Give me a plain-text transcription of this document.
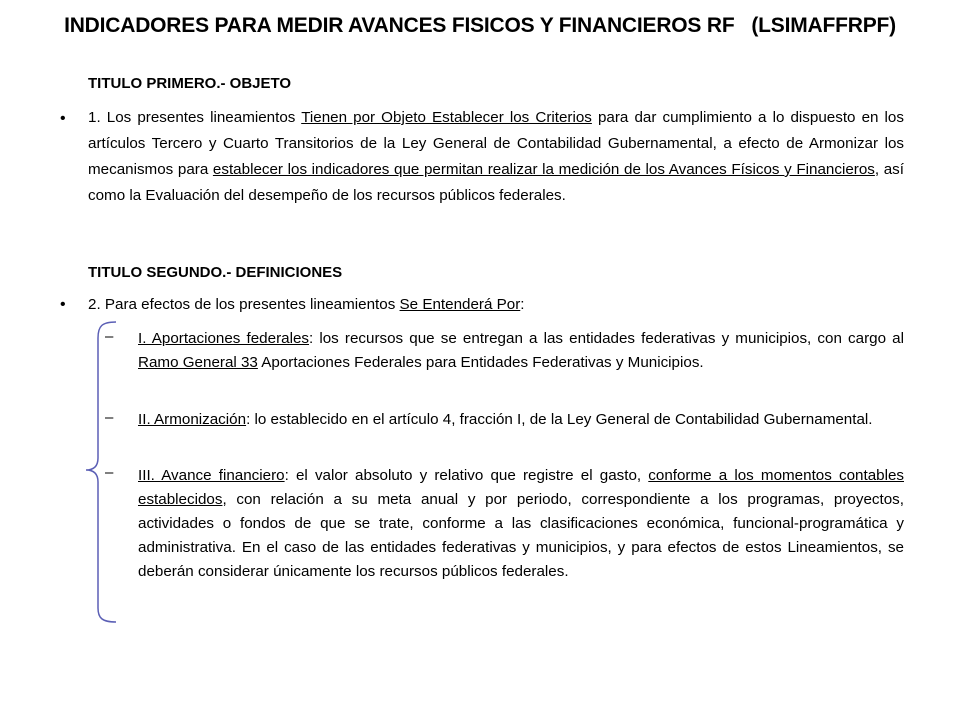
INDICADORES PARA MEDIR AVANCES FISICOS Y FINANCIEROS RF   (LSIMAFFRPF)
TITULO PRIMERO.- OBJETO
• 1. Los presentes lineamientos Tienen por Objeto Establecer los Criterios para dar cumplimiento a lo dispuesto en los artículos Tercero y Cuarto Transitorios de la Ley General de Contabilidad Gubernamental, a efecto de Armonizar los mecanismos para establecer los indicadores que permitan realizar la medición de los Avances Físicos y Financieros, así como la Evaluación del desempeño de los recursos públicos federales.
TITULO SEGUNDO.- DEFINICIONES
• 2. Para efectos de los presentes lineamientos Se Entenderá Por:
– I. Aportaciones federales: los recursos que se entregan a las entidades federativas y municipios, con cargo al Ramo General 33 Aportaciones Federales para Entidades Federativas y Municipios.
– II. Armonización: lo establecido en el artículo 4, fracción I, de la Ley General de Contabilidad Gubernamental.
– III. Avance financiero: el valor absoluto y relativo que registre el gasto, conforme a los momentos contables establecidos, con relación a su meta anual y por periodo, correspondiente a los programas, proyectos, actividades o fondos de que se trate, conforme a las clasificaciones económica, funcional-programática y administrativa. En el caso de las entidades federativas y municipios, y para efectos de estos Lineamientos, se deberán considerar únicamente los recursos públicos federales.
